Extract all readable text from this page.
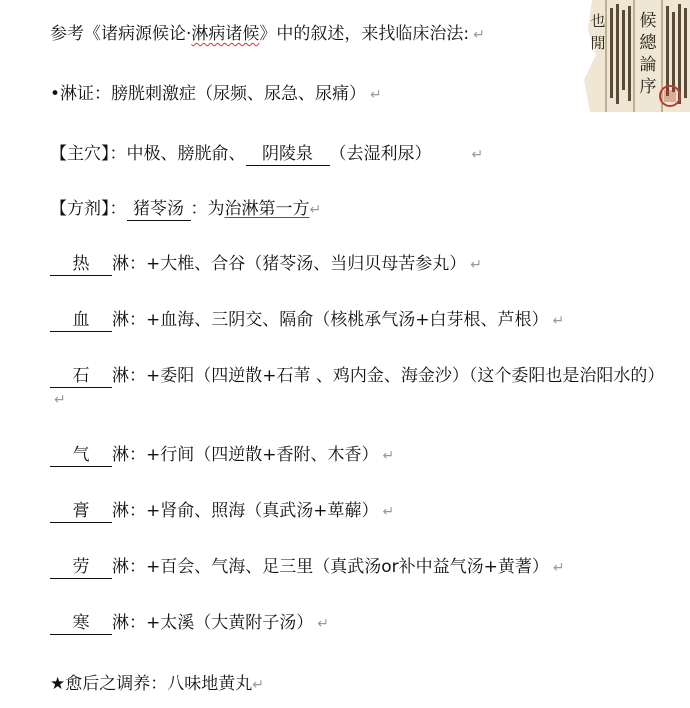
候
總
論
序
也
閒
参考《诸病源候论·淋病诸候》中的叙述，来找临床治法: ↵
•淋证：膀胱刺激症（尿频、尿急、尿痛） ↵
【主穴】：中极、膀胱俞、 阴陵泉 （去湿利尿）	↵
【方剂】： 猪苓汤 ：为治淋第一方↵
热 淋：+大椎、合谷（猪苓汤、当归贝母苦参丸） ↵
血 淋：+血海、三阴交、隔俞（核桃承气汤+白芽根、芦根） ↵
石 淋：+委阳（四逆散+石苇 、鸡内金、海金沙）（这个委阳也是治阳水的）↵
气 淋：+行间（四逆散+香附、木香） ↵
膏 淋：+肾俞、照海（真武汤+萆薢） ↵
劳 淋：+百会、气海、足三里（真武汤or补中益气汤+黄蓍） ↵
寒 淋：+太溪（大黄附子汤） ↵
★愈后之调养：八味地黄丸↵
